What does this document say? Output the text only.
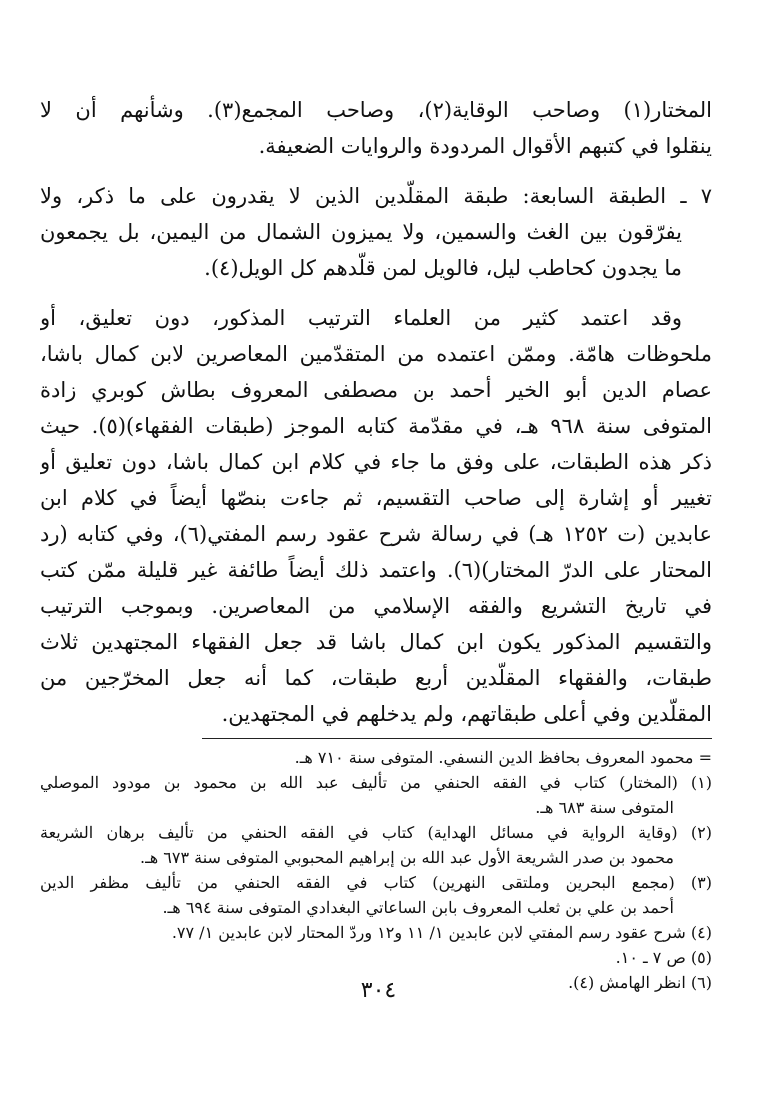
المختار(١) وصاحب الوقاية(٢)، وصاحب المجمع(٣). وشأنهم أن لا
ينقلوا في كتبهم الأقوال المردودة والروايات الضعيفة.
٧ ـ الطبقة السابعة: طبقة المقلّدين الذين لا يقدرون على ما ذكر، ولا
يفرّقون بين الغث والسمين، ولا يميزون الشمال من اليمين، بل يجمعون
ما يجدون كحاطب ليل، فالويل لمن قلّدهم كل الويل(٤).
وقد اعتمد كثير من العلماء الترتيب المذكور، دون تعليق، أو
ملحوظات هامّة. وممّن اعتمده من المتقدّمين المعاصرين لابن كمال باشا،
عصام الدين أبو الخير أحمد بن مصطفى المعروف بطاش كوبري زادة
المتوفى سنة ٩٦٨ هـ، في مقدّمة كتابه الموجز (طبقات الفقهاء)(٥). حيث
ذكر هذه الطبقات، على وفق ما جاء في كلام ابن كمال باشا، دون تعليق أو
تغيير أو إشارة إلى صاحب التقسيم، ثم جاءت بنصّها أيضاً في كلام ابن
عابدين (ت ١٢٥٢ هـ) في رسالة شرح عقود رسم المفتي(٦)، وفي كتابه (رد
المحتار على الدرّ المختار)(٦). واعتمد ذلك أيضاً طائفة غير قليلة ممّن كتب
في تاريخ التشريع والفقه الإسلامي من المعاصرين. وبموجب الترتيب
والتقسيم المذكور يكون ابن كمال باشا قد جعل الفقهاء المجتهدين ثلاث
طبقات، والفقهاء المقلّدين أربع طبقات، كما أنه جعل المخرّجين من
المقلّدين وفي أعلى طبقاتهم، ولم يدخلهم في المجتهدين.
= محمود المعروف بحافظ الدين النسفي. المتوفى سنة ٧١٠ هـ.
(١) (المختار) كتاب في الفقه الحنفي من تأليف عبد الله بن محمود بن مودود الموصلي
المتوفى سنة ٦٨٣ هـ.
(٢) (وقاية الرواية في مسائل الهداية) كتاب في الفقه الحنفي من تأليف برهان الشريعة
محمود بن صدر الشريعة الأول عبد الله بن إبراهيم المحبوبي المتوفى سنة ٦٧٣ هـ.
(٣) (مجمع البحرين وملتقى النهرين) كتاب في الفقه الحنفي من تأليف مظفر الدين
أحمد بن علي بن ثعلب المعروف بابن الساعاتي البغدادي المتوفى سنة ٦٩٤ هـ.
(٤) شرح عقود رسم المفتي لابن عابدين ١/ ١١ و١٢ وردّ المحتار لابن عابدين ١/ ٧٧.
(٥) ص ٧ ـ ١٠.
(٦) انظر الهامش (٤).
٣٠٤
